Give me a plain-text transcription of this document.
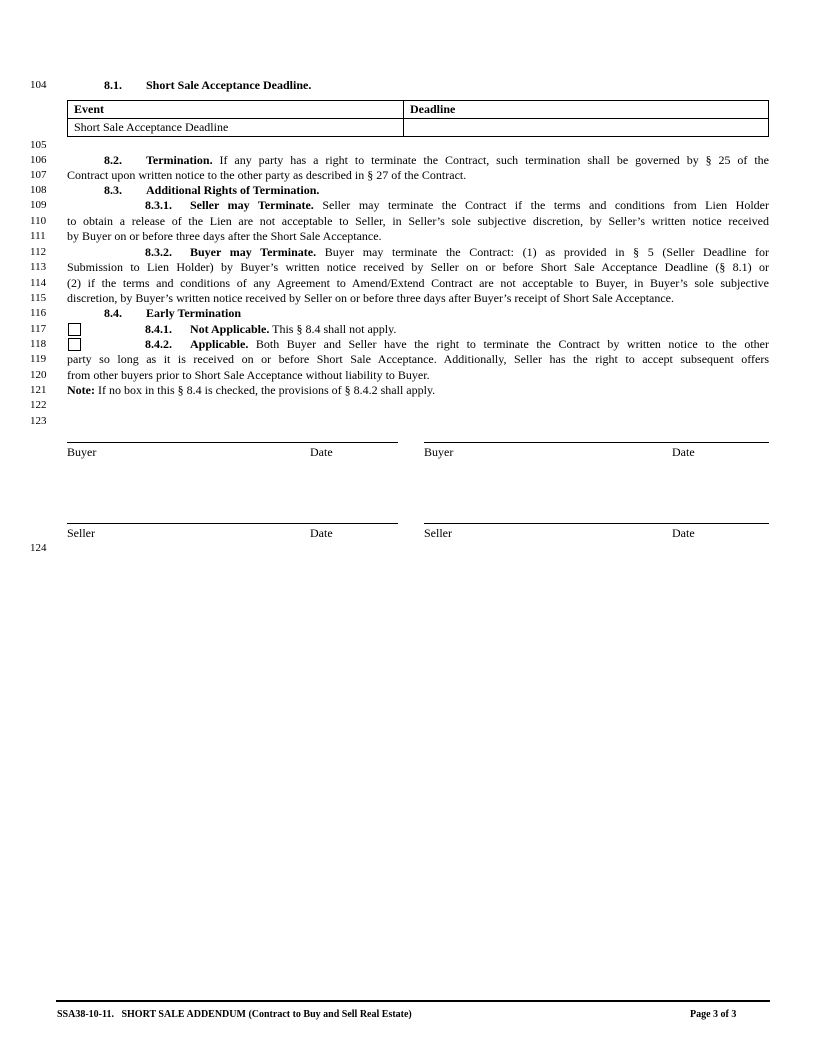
104
105
106
107
108
109
110
111
112
113
114
115
116
117
118
119
120
121
122
123
124
8.1. Short Sale Acceptance Deadline.
Event	Deadline
Short Sale Acceptance Deadline	
8.2. Termination. If any party has a right to terminate the Contract, such termination shall be governed by § 25 of the
Contract upon written notice to the other party as described in § 27 of the Contract.
8.3. Additional Rights of Termination.
8.3.1. Seller may Terminate. Seller may terminate the Contract if the terms and conditions from Lien Holder
to obtain a release of the Lien are not acceptable to Seller, in Seller’s sole subjective discretion, by Seller’s written notice received
by Buyer on or before three days after the Short Sale Acceptance.
8.3.2. Buyer may Terminate. Buyer may terminate the Contract: (1) as provided in § 5 (Seller Deadline for
Submission to Lien Holder) by Buyer’s written notice received by Seller on or before Short Sale Acceptance Deadline (§ 8.1) or
(2) if the terms and conditions of any Agreement to Amend/Extend Contract are not acceptable to Buyer, in Buyer’s sole subjective
discretion, by Buyer’s written notice received by Seller on or before three days after Buyer’s receipt of Short Sale Acceptance.
8.4. Early Termination
8.4.1. Not Applicable. This § 8.4 shall not apply.
8.4.2. Applicable. Both Buyer and Seller have the right to terminate the Contract by written notice to the other
party so long as it is received on or before Short Sale Acceptance. Additionally, Seller has the right to accept subsequent offers
from other buyers prior to Short Sale Acceptance without liability to Buyer.
Note: If no box in this § 8.4 is checked, the provisions of § 8.4.2 shall apply.
Buyer	Date	Buyer	Date
Seller	Date	Seller	Date
SSA38-10-11.   SHORT SALE ADDENDUM (Contract to Buy and Sell Real Estate)	Page 3 of 3
